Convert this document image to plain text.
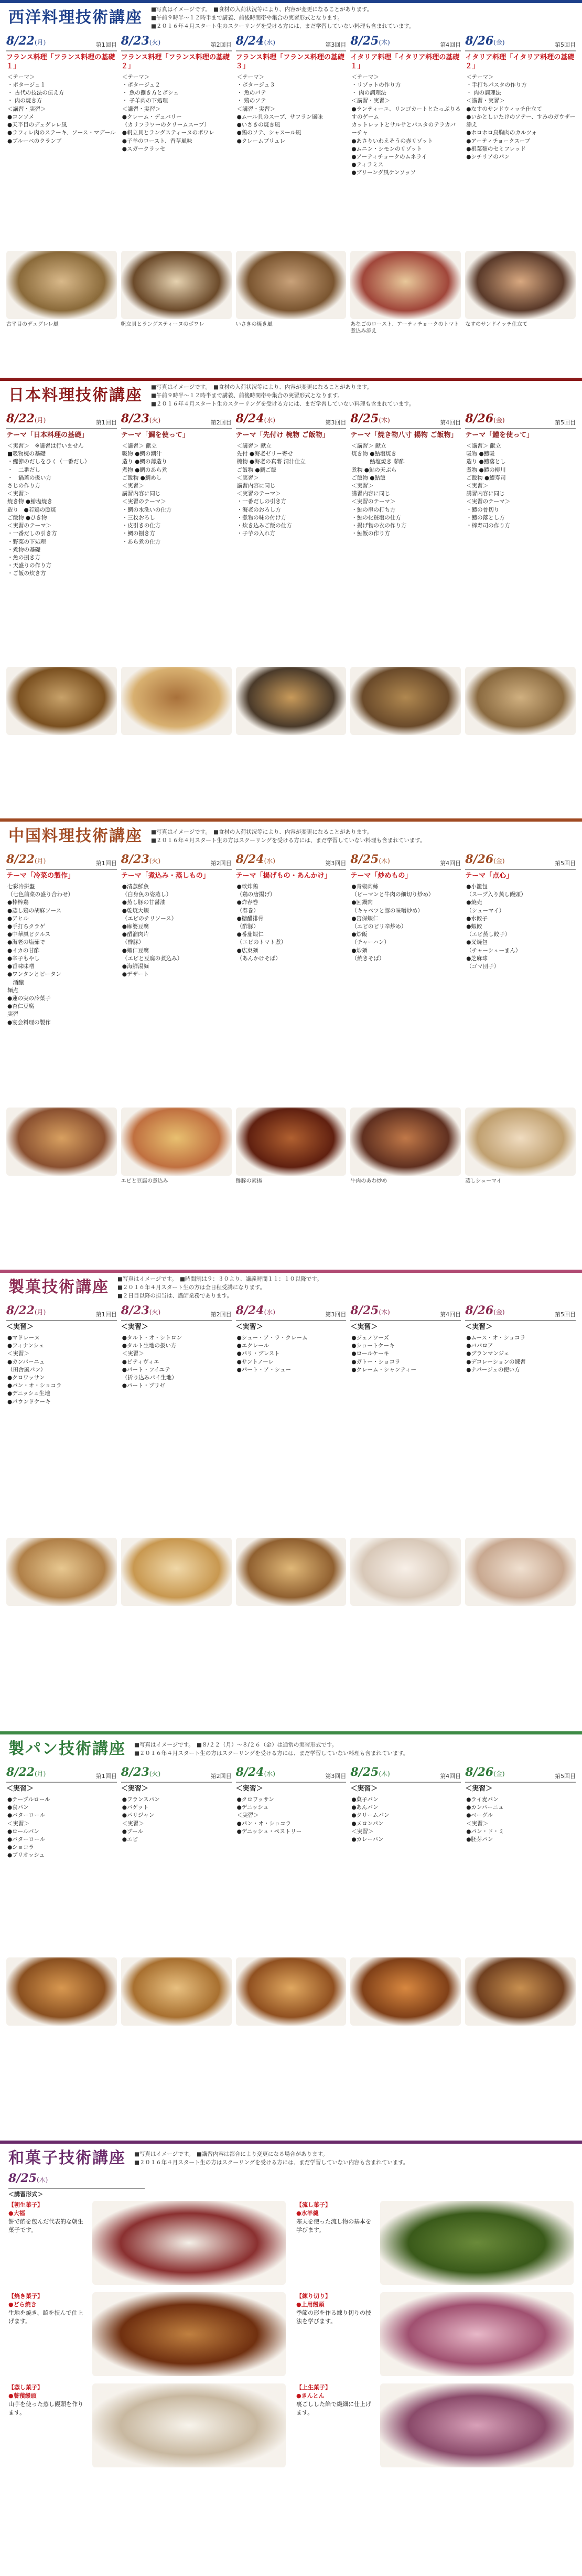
西洋料理技術講座 ■写真はイメージです。　■食材の入荷状況等により、内容が変更になることがあります。
■午前９時半～１２時半まで講義、前後時間帯や集合の実習形式となります。
■２０１６年４月スタート生のスクーリングを受ける方には、まだ学習していない料理も含まれています。
8/22(月)	第1回目
フランス料理「フランス料理の基礎１」
＜テーマ＞
・ポタージュ１
・ 古代の技法の伝え方
・ 肉の焼き方
＜講習・実習＞
●コンソメ
●天平目のデュグレレ風
●ラフィレ肉のステーキ、ソース・マデール
●ブルーベのクランブ
古平目のデュグレレ風
8/23(火)	第2回目
フランス料理「フランス料理の基礎２」
＜テーマ＞
・ポタージュ２
・ 魚の捌き方とボシェ
・ 子羊肉の下処理
＜講習・実習＞
●クレーム・デュバリー
（カリフラワーのクリームスープ）
●帆立貝とラングスティーヌのポワレ
●子羊のロースト、香草風味
●スガークラッセ
帆立貝とラングスティーヌのポワレ
8/24(水)	第3回目
フランス料理「フランス料理の基礎３」
＜テーマ＞
・ポタージュ３
・ 魚のパテ
・ 鶏のソテ
＜講習・実習＞
●ムール貝のスープ、サフラン風味
●いさきの焼き風
●鶏のソテ、シャスール風
●クレームブリュレ
いさきの焼き風
8/25(木)	第4回目
イタリア料理「イタリア料理の基礎１」
＜テーマ＞
・リゾットの作り方
・ 肉の調理法
＜講習・実習＞
●ランティーユ、リンゴカートとたっぷりるすのゲーム
カットレットとサルサとパスタのテラカバーチャ
●あさりいわえそうの赤リゾット
●ムニン・シモンのリゾット
●アーティチョークのムネライ
●ティラミス
●ブリーング風ケンソッソ
あなごのロースト、アーティチョークのトマト煮込み添え
8/26(金)	第5回目
イタリア料理「イタリア料理の基礎２」
＜テーマ＞
・手打ちパスタの作り方
・ 肉の調理法
＜講習・実習＞
●なすのサンドウィッチ仕立て
●いかとしいたけのソテー、すみのガウザー添え
●ホロホロ鳥胸肉のカルツォ
●アーティチョークスープ
●根菜類のセミフレッド
●シチリアのパン
なすのサンドイッチ仕立て
日本料理技術講座 ■写真はイメージです。　■食材の入荷状況等により、内容が変更になることがあります。
■午前９時半～１２時半まで講義、前後時間帯や集合の実習形式となります。
■２０１６年４月スタート生のスクーリングを受ける方には、まだ学習していない料理も含まれています。
8/22(月)	第1回目
テーマ「日本料理の基礎」
＜実習＞　※講習は行いません
■吸物椀の基礎
・鰹節のだしをひく（一番だし）
・　二番だし
・　鍋蓋の扱い方
さじの作り方
＜実習＞
焼き物 ●鰆塩焼き
造り　●若鶏の照焼
ご飯物 ●ひき物
＜実習のテーマ＞
・一番だしの引き方
・野菜の下処理
・煮物の基礎
・魚の捌き方
・天盛りの作り方
・ご飯の炊き方
8/23(火)	第2回目
テーマ「鯛を使って」
＜講習＞ 献立
吸物 ●鯛の潮汁
造り ●鯛の薄造り
煮物 ●鯛のあら煮
ご飯物 ●鯛めし
＜実習＞
講習内容に同じ
＜実習のテーマ＞
・鯛の水洗いの仕方
・三枚おろし
・皮引きの仕方
・鯛の捌き方
・あら煮の仕方
8/24(水)	第3回目
テーマ「先付け 椀物 ご飯物」
＜講習＞ 献立
先付 ●海老ゼリー寄せ
椀物 ●海老の真薯 清汁仕立
ご飯物 ●鯛ご飯
＜実習＞
講習内容に同じ
＜実習のテーマ＞
・一番だしの引き方
・海老のおろし方
・煮物の味の付け方
・炊き込みご飯の仕方
・子芋の入れ方
8/25(木)	第4回目
テーマ「焼き物八寸 揚物 ご飯物」
＜講習＞ 献立
焼き物 ●鮎塩焼き
　　　 鮎塩焼き 蓼酢
煮物 ●鮎の天ぷら
ご飯物 ●鮎飯
＜実習＞
講習内容に同じ
＜実習のテーマ＞
・鮎の串の打ち方
・鮎の化粧塩の仕方
・揚げ物の衣の作り方
・鮎飯の作り方
8/26(金)	第5回目
テーマ「鱧を使って」
＜講習＞ 献立
吸物 ●鱧吸
造り ●鱧落とし
煮物 ●鱧の柳川
ご飯物 ●鱧寿司
＜実習＞
講習内容に同じ
＜実習のテーマ＞
・鱧の骨切り
・鱧の落とし方
・棒寿司の作り方
中国料理技術講座 ■写真はイメージです。　■食材の入荷状況等により、内容が変更になることがあります。
■２０１６年４月スタート生の方はスクーリングを受ける方には、まだ学習していない料理も含まれています。
8/22(月)	第1回目
テーマ「冷菜の製作」
七彩冷拼盤
（七色前菜の盛り合わせ）
●棒棒鶏
●蒸し鶏の胡麻ソース
●アヒル
●手打ちクラゲ
●中華風ピクルス
●海老の塩茹で
●イカの甘酢
●辛子もやし
●香味味噌
●ワンタンとピータン
　酒醸
麺点
●蓮の実の冷菓子
●杏仁豆腐
実習
●宴会料理の製作
8/23(火)	第2回目
テーマ「煮込み・蒸しもの」
●清蒸鮮魚
（白身魚の姿蒸し）
●蒸し豚の甘醤油
●乾焼大蝦
（エビのチリソース）
●麻婆豆腐
●醋溜肉片
（酢豚）
●蝦仁豆腐
（エビと豆腐の煮込み）
●海鮮湯麺
●デザート
エビと豆腐の煮込み
8/24(水)	第3回目
テーマ「揚げもの・あんかけ」
●軟炸鶏
（鶏の唐揚げ）
●炸春巻
（春巻）
●糖醋排骨
（酢豚）
●番茄蝦仁
（エビのトマト煮）
●広東麺
（あんかけそば）
酢豚の素揚
8/25(木)	第4回目
テーマ「炒めもの」
●青椒肉絲
（ピーマンと牛肉の細切り炒め）
●回鍋肉
（キャベツと豚の味噌炒め）
●宮保蝦仁
（エビのピリ辛炒め）
●炒飯
（チャーハン）
●炒麺
（焼きそば）
牛肉のあわ炒め
8/26(金)	第5回目
テーマ「点心」
●小籠包
（スープ入り蒸し饅頭）
●焼売
（シューマイ）
●水餃子
●蝦餃
（エビ蒸し餃子）
●叉焼包
（チャーシューまん）
●芝麻球
（ゴマ団子）
蒸しシューマイ
製菓技術講座 ■写真はイメージです。　■時間割は９：３０より、講義時間１１：１０以降です。
■２０１６年４月スタート生の方は全日程受講になります。
■２日目以降の担当は、講師業務であります。
8/22(月)	第1回目
＜実習＞
●マドレーヌ
●フィナンシェ
＜実習＞
●カンパーニュ
（田舎風パン）
●クロワッサン
●パン・オ・ショコラ
●デニッシュ生地
●パウンドケーキ
8/23(火)	第2回目
＜実習＞
●タルト・オ・シトロン
●タルト生地の扱い方
＜実習＞
●ピティヴィエ
●パート・フイユテ
（折り込みパイ生地）
●パート・ブリゼ
8/24(水)	第3回目
＜実習＞
●シュー・ア・ラ・クレーム
●エクレール
●パリ・ブレスト
●サントノーレ
●パート・ア・シュー
8/25(木)	第4回目
＜実習＞
●ジェノワーズ
●ショートケーキ
●ロールケーキ
●ガトー・ショコラ
●クレーム・シャンティー
8/26(金)	第5回目
＜実習＞
●ムース・オ・ショコラ
●ババロア
●ブランマンジェ
●デコレーションの練習
●ナパージュの使い方
製パン技術講座 ■写真はイメージです。　■８/２２（月）～８/２６（金）は通常の実習形式です。
■２０１６年４月スタート生の方はスクーリングを受ける方には、まだ学習していない料理も含まれています。
8/22(月)	第1回目
＜実習＞
●テーブルロール
●食パン
●バターロール
＜実習＞
●ロールパン
●バターロール
●ショコラ
●ブリオッシュ
8/23(火)	第2回目
＜実習＞
●フランスパン
●バゲット
●パリジャン
＜実習＞
●ブール
●エピ
8/24(水)	第3回目
＜実習＞
●クロワッサン
●デニッシュ
＜実習＞
●パン・オ・ショコラ
●デニッシュ・ペストリー
8/25(木)	第4回目
＜実習＞
●菓子パン
●あんパン
●クリームパン
●メロンパン
＜実習＞
●カレーパン
8/26(金)	第5回目
＜実習＞
●ライ麦パン
●カンパーニュ
●ベーグル
＜実習＞
●パン・ド・ミ
●胚芽パン
和菓子技術講座 ■写真はイメージです。　■講習内容は都合により変更になる場合があります。
■２０１６年４月スタート生の方はスクーリングを受ける方には、まだ学習していない内容も含まれています。
8/25(木)
＜講習形式＞
【朝生菓子】
●大福
餅で餡を包んだ代表的な朝生菓子です。
【流し菓子】
●水羊羹
寒天を使った流し物の基本を学びます。
【焼き菓子】
●どら焼き
生地を焼き、餡を挟んで仕上げます。
【練り切り】
●上用饅頭
季節の形を作る練り切りの技法を学びます。
【蒸し菓子】
●薯蕷饅頭
山芋を使った蒸し饅頭を作ります。
【上生菓子】
●きんとん
裏ごしした餡で繊細に仕上げます。
